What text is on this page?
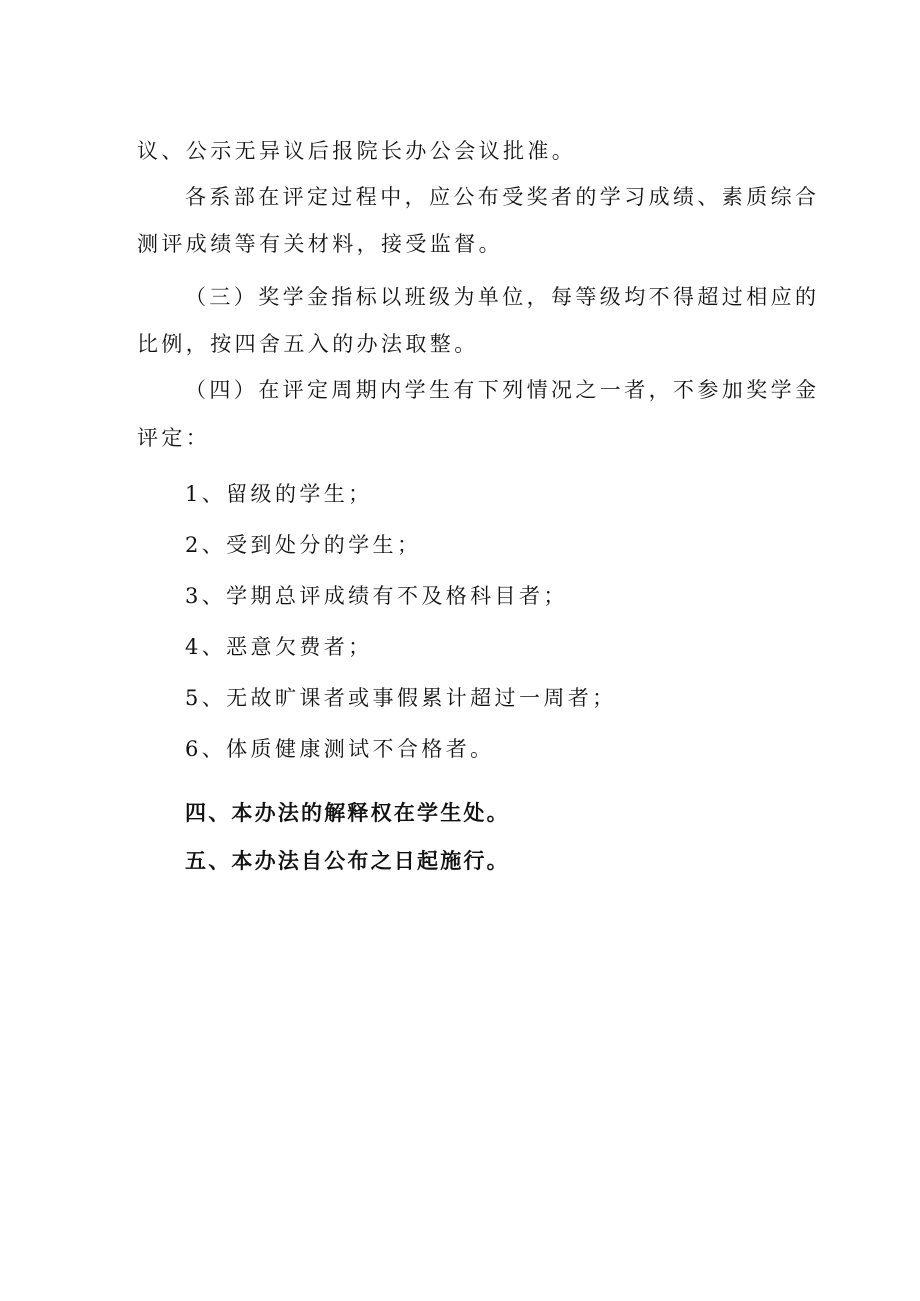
议、公示无异议后报院长办公会议批准。
各系部在评定过程中，应公布受奖者的学习成绩、素质综合
测评成绩等有关材料，接受监督。
（三）奖学金指标以班级为单位，每等级均不得超过相应的
比例，按四舍五入的办法取整。
（四）在评定周期内学生有下列情况之一者，不参加奖学金
评定：
1、留级的学生；
2、受到处分的学生；
3、学期总评成绩有不及格科目者；
4、恶意欠费者；
5、无故旷课者或事假累计超过一周者；
6、体质健康测试不合格者。
四、本办法的解释权在学生处。
五、本办法自公布之日起施行。
